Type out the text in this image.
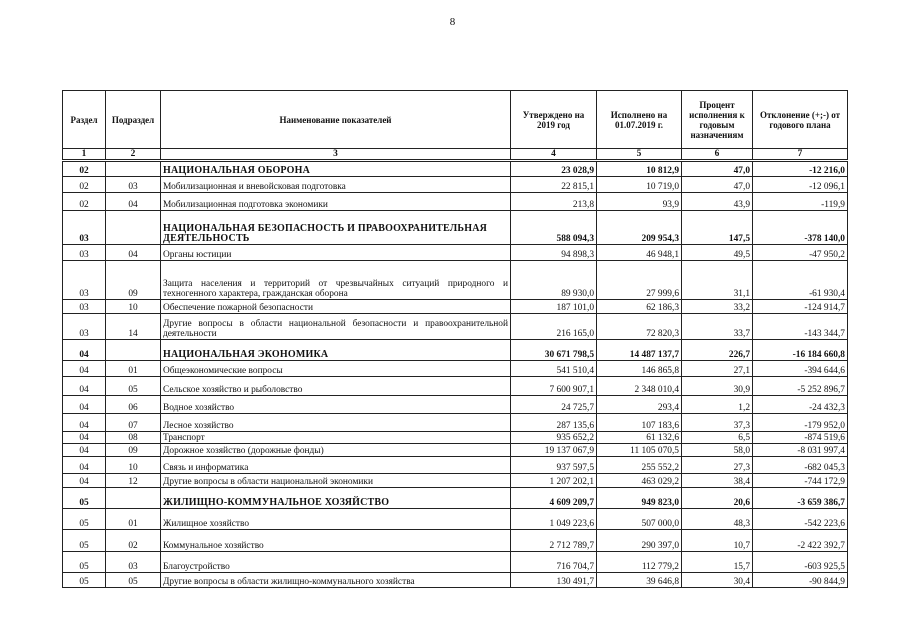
8
Раздел	Подраздел	Наименование показателей	Утверждено на 2019 год	Исполнено на 01.07.2019 г.	Процент исполнения к годовым назначениям	Отклонение (+;-) от годового плана
1	2	3	4	5	6	7
02		НАЦИОНАЛЬНАЯ ОБОРОНА	23 028,9	10 812,9	47,0	-12 216,0
02	03	Мобилизационная и вневойсковая подготовка	22 815,1	10 719,0	47,0	-12 096,1
02	04	Мобилизационная подготовка экономики	213,8	93,9	43,9	-119,9
03		НАЦИОНАЛЬНАЯ БЕЗОПАСНОСТЬ И ПРАВООХРАНИТЕЛЬНАЯ ДЕЯТЕЛЬНОСТЬ	588 094,3	209 954,3	147,5	-378 140,0
03	04	Органы юстиции	94 898,3	46 948,1	49,5	-47 950,2
03	09	Защита населения и территорий от чрезвычайных ситуаций природного и техногенного характера, гражданская оборона	89 930,0	27 999,6	31,1	-61 930,4
03	10	Обеспечение пожарной безопасности	187 101,0	62 186,3	33,2	-124 914,7
03	14	Другие вопросы в области национальной безопасности и правоохранительной деятельности	216 165,0	72 820,3	33,7	-143 344,7
04		НАЦИОНАЛЬНАЯ ЭКОНОМИКА	30 671 798,5	14 487 137,7	226,7	-16 184 660,8
04	01	Общеэкономические вопросы	541 510,4	146 865,8	27,1	-394 644,6
04	05	Сельское хозяйство и рыболовство	7 600 907,1	2 348 010,4	30,9	-5 252 896,7
04	06	Водное хозяйство	24 725,7	293,4	1,2	-24 432,3
04	07	Лесное хозяйство	287 135,6	107 183,6	37,3	-179 952,0
04	08	Транспорт	935 652,2	61 132,6	6,5	-874 519,6
04	09	Дорожное хозяйство (дорожные фонды)	19 137 067,9	11 105 070,5	58,0	-8 031 997,4
04	10	Связь и информатика	937 597,5	255 552,2	27,3	-682 045,3
04	12	Другие вопросы в области национальной экономики	1 207 202,1	463 029,2	38,4	-744 172,9
05		ЖИЛИЩНО-КОММУНАЛЬНОЕ ХОЗЯЙСТВО	4 609 209,7	949 823,0	20,6	-3 659 386,7
05	01	Жилищное хозяйство	1 049 223,6	507 000,0	48,3	-542 223,6
05	02	Коммунальное хозяйство	2 712 789,7	290 397,0	10,7	-2 422 392,7
05	03	Благоустройство	716 704,7	112 779,2	15,7	-603 925,5
05	05	Другие вопросы в области жилищно-коммунального хозяйства	130 491,7	39 646,8	30,4	-90 844,9
